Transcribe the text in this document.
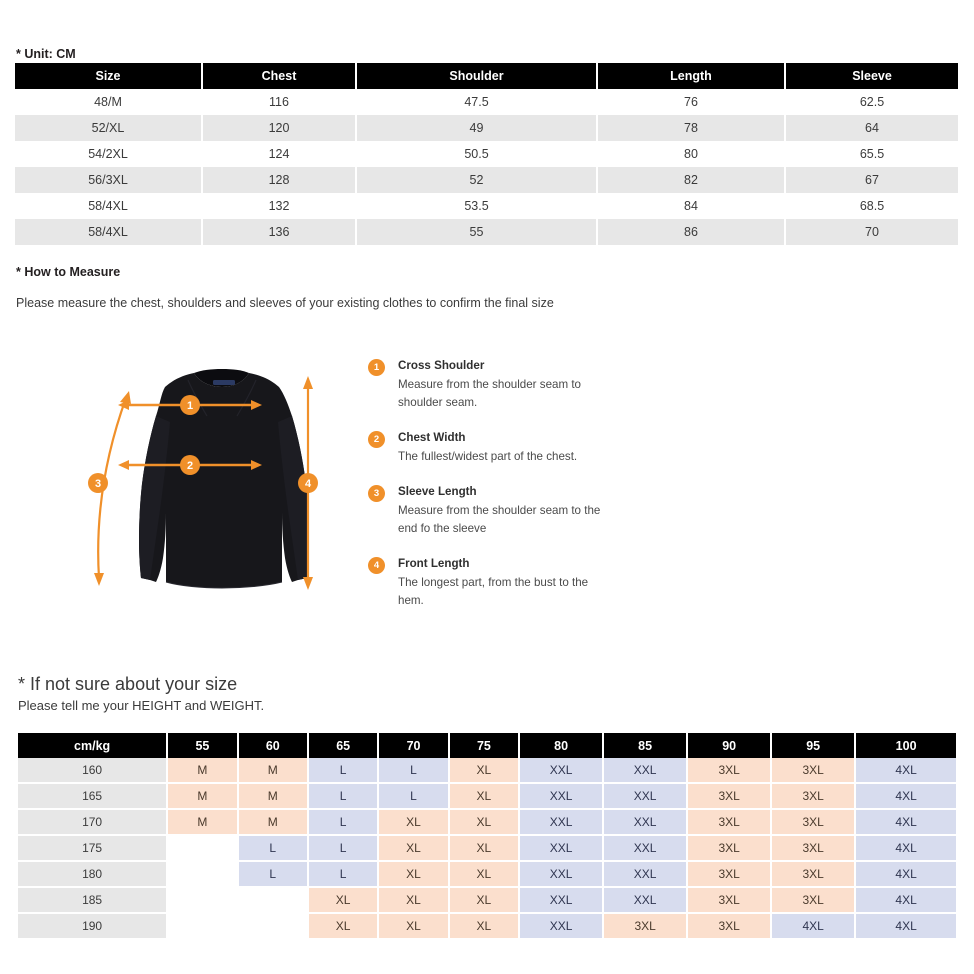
* Unit: CM
Size	Chest	Shoulder	Length	Sleeve
48/M	116	47.5	76	62.5
52/XL	120	49	78	64
54/2XL	124	50.5	80	65.5
56/3XL	128	52	82	67
58/4XL	132	53.5	84	68.5
58/4XL	136	55	86	70
* How to Measure
Please measure the chest, shoulders and sleeves of your existing clothes to confirm the final size
1
2
3	4
1	Cross Shoulder
Measure from the shoulder seam to shoulder seam.
2	Chest Width
The fullest/widest part of the chest.
3	Sleeve Length
Measure from the shoulder seam to the end fo the sleeve
4	Front Length
The longest part, from the bust to the hem.
* If not sure about your size
Please tell me your HEIGHT and WEIGHT.
cm/kg	55	60	65	70	75	80	85	90	95	100
160	M	M	L	L	XL	XXL	XXL	3XL	3XL	4XL
165	M	M	L	L	XL	XXL	XXL	3XL	3XL	4XL
170	M	M	L	XL	XL	XXL	XXL	3XL	3XL	4XL
175		L	L	XL	XL	XXL	XXL	3XL	3XL	4XL
180		L	L	XL	XL	XXL	XXL	3XL	3XL	4XL
185			XL	XL	XL	XXL	XXL	3XL	3XL	4XL
190			XL	XL	XL	XXL	3XL	3XL	4XL	4XL
